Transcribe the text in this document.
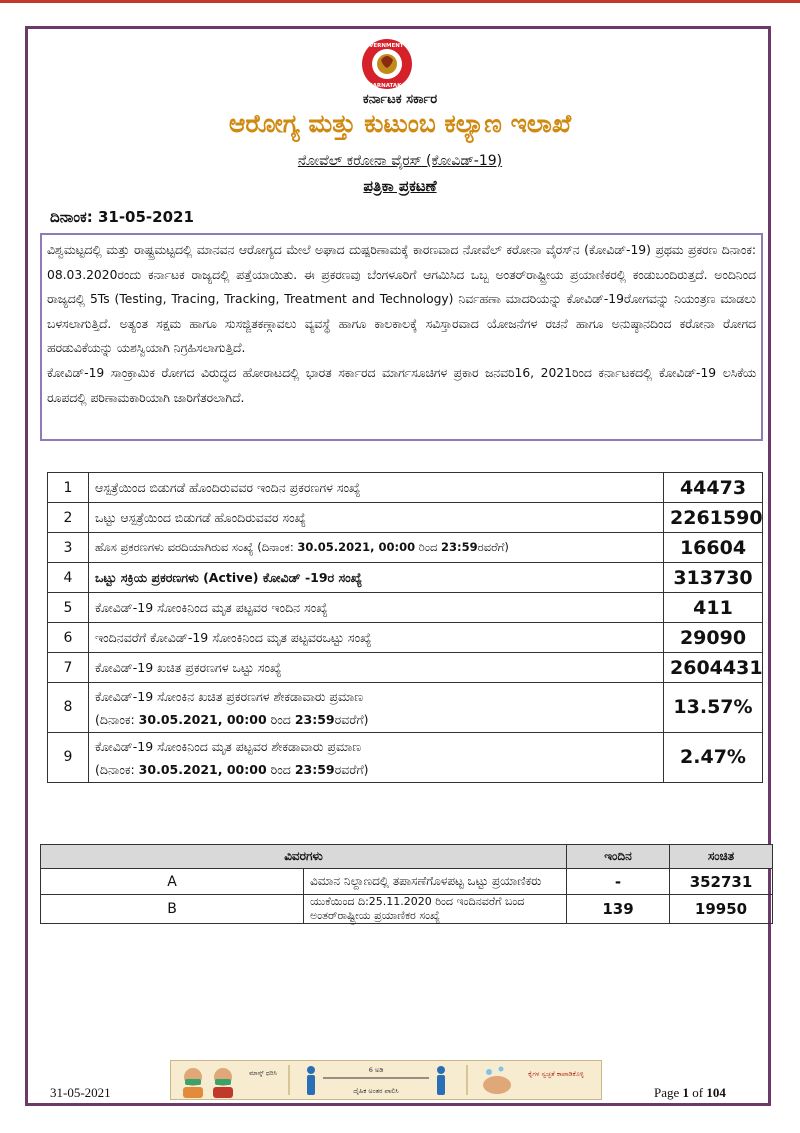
GOVERNMENT OF
KARNATAKA
ಕರ್ನಾಟಕ ಸರ್ಕಾರ
ಆರೋಗ್ಯ ಮತ್ತು ಕುಟುಂಬ ಕಲ್ಯಾಣ ಇಲಾಖೆ
ನೋವೆಲ್ ಕರೋನಾ ವೈರಸ್ (ಕೋವಿಡ್-19)
ಪತ್ರಿಕಾ ಪ್ರಕಟಣೆ
ದಿನಾಂಕ: 31-05-2021

ವಿಶ್ವಮಟ್ಟದಲ್ಲಿ ಮತ್ತು ರಾಷ್ಟ್ರಮಟ್ಟದಲ್ಲಿ ಮಾನವನ ಆರೋಗ್ಯದ ಮೇಲೆ ಅಘಾದ ದುಷ್ಪರಿಣಾಮಕ್ಕೆ ಕಾರಣವಾದ ನೋವೆಲ್ ಕರೋನಾ ವೈರಸ್‌ನ (ಕೋವಿಡ್-19) ಪ್ರಥಮ ಪ್ರಕರಣ ದಿನಾಂಕ: 08.03.2020ರಂದು ಕರ್ನಾಟಕ ರಾಜ್ಯದಲ್ಲಿ ಪತ್ತೆಯಾಯಿತು. ಈ ಪ್ರಕರಣವು ಬೆಂಗಳೂರಿಗೆ ಆಗಮಿಸಿದ ಒಬ್ಬ ಅಂತರ್‌ರಾಷ್ಟ್ರೀಯ ಪ್ರಯಾಣಿಕರಲ್ಲಿ ಕಂಡುಬಂದಿರುತ್ತದೆ. ಅಂದಿನಿಂದ ರಾಜ್ಯದಲ್ಲಿ 5Ts (Testing, Tracing, Tracking, Treatment and Technology) ನಿರ್ವಹಣಾ ಮಾದರಿಯನ್ನು ಕೋವಿಡ್-19ರೋಗವನ್ನು ನಿಯಂತ್ರಣ ಮಾಡಲು ಬಳಸಲಾಗುತ್ತಿದೆ. ಅತ್ಯಂತ ಸಕ್ಷಮ ಹಾಗೂ ಸುಸಜ್ಜಿತಕಣ್ಗಾವಲು ವ್ಯವಸ್ಥೆ ಹಾಗೂ ಕಾಲಕಾಲಕ್ಕೆ ಸವಿಸ್ತಾರವಾದ ಯೋಜನೆಗಳ ರಚನೆ ಹಾಗೂ ಅನುಷ್ಠಾನದಿಂದ ಕರೋನಾ ರೋಗದ ಹರಡುವಿಕೆಯನ್ನು ಯಶಸ್ವಿಯಾಗಿ ನಿಗ್ರಹಿಸಲಾಗುತ್ತಿದೆ.

ಕೋವಿಡ್-19 ಸಾಂಕ್ರಾಮಿಕ ರೋಗದ ವಿರುದ್ಧದ ಹೋರಾಟದಲ್ಲಿ ಭಾರತ ಸರ್ಕಾರದ ಮಾರ್ಗಸೂಚಿಗಳ ಪ್ರಕಾರ ಜನವರಿ16, 2021ರಿಂದ ಕರ್ನಾಟಕದಲ್ಲಿ ಕೋವಿಡ್-19 ಲಸಿಕೆಯ ರೂಪದಲ್ಲಿ ಪರಿಣಾಮಕಾರಿಯಾಗಿ ಜಾರಿಗೆತರಲಾಗಿದೆ.

1	ಆಸ್ಪತ್ರೆಯಿಂದ ಬಿಡುಗಡೆ ಹೊಂದಿರುವವರ ಇಂದಿನ ಪ್ರಕರಣಗಳ ಸಂಖ್ಯೆ	44473
2	ಒಟ್ಟು ಆಸ್ಪತ್ರೆಯಿಂದ ಬಿಡುಗಡೆ ಹೊಂದಿರುವವರ ಸಂಖ್ಯೆ	2261590
3	ಹೊಸ ಪ್ರಕರಣಗಳು ವರದಿಯಾಗಿರುವ ಸಂಖ್ಯೆ (ದಿನಾಂಕ: 30.05.2021, 00:00 ರಿಂದ 23:59ರವರೆಗೆ)	16604
4	ಒಟ್ಟು ಸಕ್ರಿಯ ಪ್ರಕರಣಗಳು (Active) ಕೋವಿಡ್ -19ರ ಸಂಖ್ಯೆ	313730
5	ಕೋವಿಡ್-19 ಸೋಂಕಿನಿಂದ ಮೃತ ಪಟ್ಟವರ ಇಂದಿನ ಸಂಖ್ಯೆ	411
6	ಇಂದಿನವರೆಗೆ ಕೋವಿಡ್-19 ಸೋಂಕಿನಿಂದ ಮೃತ ಪಟ್ಟವರಒಟ್ಟು ಸಂಖ್ಯೆ	29090
7	ಕೋವಿಡ್-19 ಖಚಿತ ಪ್ರಕರಣಗಳ ಒಟ್ಟು ಸಂಖ್ಯೆ	2604431
8	ಕೋವಿಡ್-19 ಸೋಂಕಿನ ಖಚಿತ ಪ್ರಕರಣಗಳ ಶೇಕಡಾವಾರು ಪ್ರಮಾಣ
(ದಿನಾಂಕ: 30.05.2021, 00:00 ರಿಂದ 23:59ರವರೆಗೆ)	13.57%
9	ಕೋವಿಡ್-19 ಸೋಂಕಿನಿಂದ ಮೃತ ಪಟ್ಟವರ ಶೇಕಡಾವಾರು ಪ್ರಮಾಣ
(ದಿನಾಂಕ: 30.05.2021, 00:00 ರಿಂದ 23:59ರವರೆಗೆ)	2.47%
ವಿವರಗಳು		ಇಂದಿನ	ಸಂಚಿತ
A	ವಿಮಾನ ನಿಲ್ದಾಣದಲ್ಲಿ ತಪಾಸಣೆಗೊಳಪಟ್ಟ ಒಟ್ಟು ಪ್ರಯಾಣಿಕರು	-	352731
B	ಯುಕೆಯಿಂದ ದಿ:25.11.2020 ರಿಂದ ಇಂದಿನವರೆಗೆ ಬಂದ ಅಂತರ್‌ರಾಷ್ಟ್ರೀಯ ಪ್ರಯಾಣಿಕರ ಸಂಖ್ಯೆ	139	19950
ಮಾಸ್ಕ್ ಧರಿಸಿ	6 ಅಡಿ
ದೈಹಿಕ ಅಂತರ ಪಾಲಿಸಿ
ಕೈಗಳ ಸ್ವಚ್ಛತೆ ಕಾಪಾಡಿಕೊಳ್ಳಿ
31-05-2021	Page 1 of 104
